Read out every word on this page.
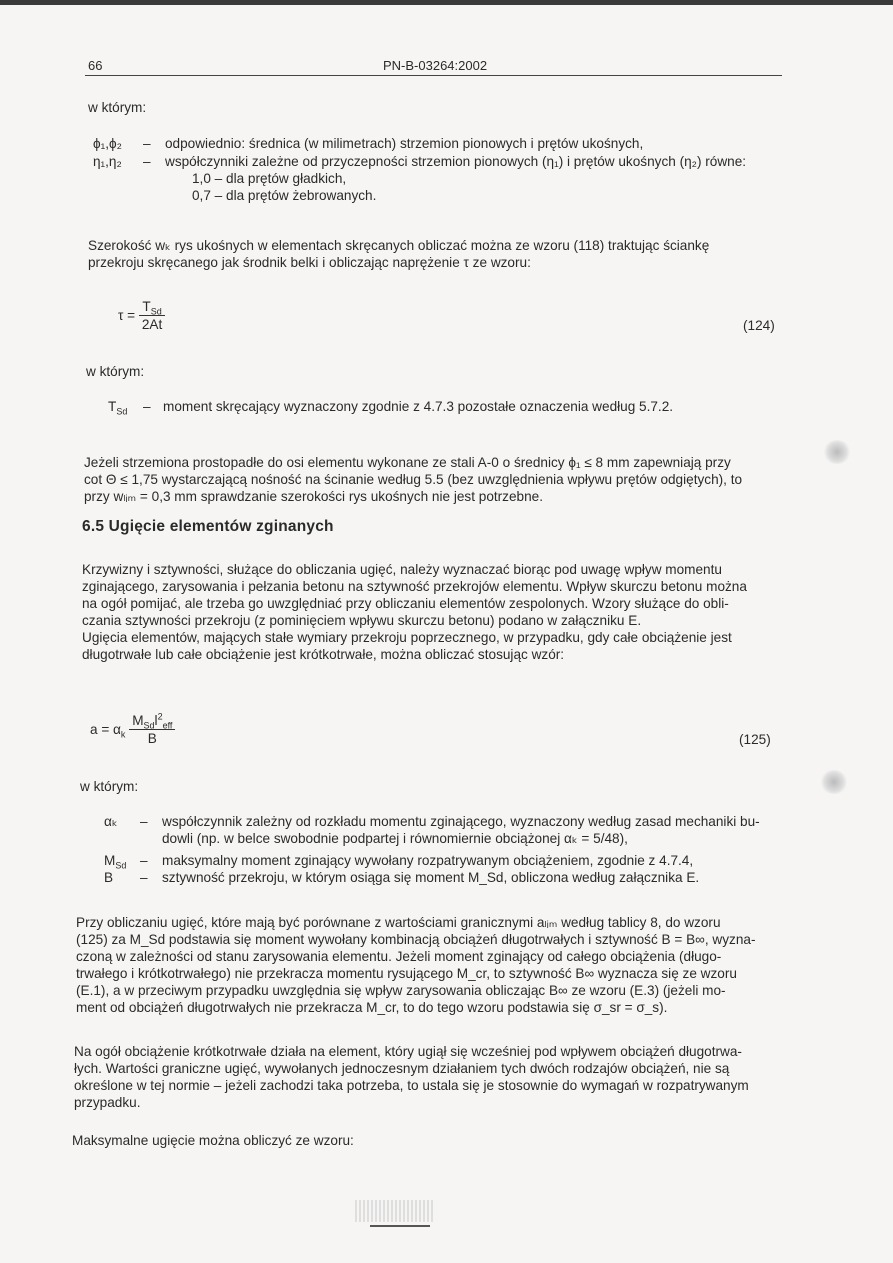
66	PN-B-03264:2002
w którym:
ϕ₁,ϕ₂ – odpowiednio: średnica (w milimetrach) strzemion pionowych i prętów ukośnych,
η₁,η₂ – współczynniki zależne od przyczepności strzemion pionowych (η₁) i prętów ukośnych (η₂) równe:
1,0 – dla prętów gładkich,
0,7 – dla prętów żebrowanych.
Szerokość wₖ rys ukośnych w elementach skręcanych obliczać można ze wzoru (118) traktując ściankę
przekroju skręcanego jak środnik belki i obliczając naprężenie τ ze wzoru:
$\tau = \frac{T_{Sd}}{2At}$	(124)
w którym:
$T_{Sd}$ – moment skręcający wyznaczony zgodnie z 4.7.3 pozostałe oznaczenia według 5.7.2.
Jeżeli strzemiona prostopadłe do osi elementu wykonane ze stali A-0 o średnicy ϕ₁ ≤ 8 mm zapewniają przy
cot Θ ≤ 1,75 wystarczającą nośność na ścinanie według 5.5 (bez uwzględnienia wpływu prętów odgiętych), to
przy wₗᵢₘ = 0,3 mm sprawdzanie szerokości rys ukośnych nie jest potrzebne.
6.5 Ugięcie elementów zginanych
Krzywizny i sztywności, służące do obliczania ugięć, należy wyznaczać biorąc pod uwagę wpływ momentu
zginającego, zarysowania i pełzania betonu na sztywność przekrojów elementu. Wpływ skurczu betonu można
na ogół pomijać, ale trzeba go uwzględniać przy obliczaniu elementów zespolonych. Wzory służące do obli-
czania sztywności przekroju (z pominięciem wpływu skurczu betonu) podano w załączniku E.
Ugięcia elementów, mających stałe wymiary przekroju poprzecznego, w przypadku, gdy całe obciążenie jest
długotrwałe lub całe obciążenie jest krótkotrwałe, można obliczać stosując wzór:
$a = \alpha_k \frac{M_{Sd}l^2_{eff}}{B}$	(125)
w którym:
αₖ – współczynnik zależny od rozkładu momentu zginającego, wyznaczony według zasad mechaniki bu-
dowli (np. w belce swobodnie podpartej i równomiernie obciążonej αₖ = 5/48),
$M_{Sd}$ – maksymalny moment zginający wywołany rozpatrywanym obciążeniem, zgodnie z 4.7.4,
B – sztywność przekroju, w którym osiąga się moment M_Sd, obliczona według załącznika E.
Przy obliczaniu ugięć, które mają być porównane z wartościami granicznymi aₗᵢₘ według tablicy 8, do wzoru
(125) za M_Sd podstawia się moment wywołany kombinacją obciążeń długotrwałych i sztywność B = B∞, wyzna-
czoną w zależności od stanu zarysowania elementu. Jeżeli moment zginający od całego obciążenia (długo-
trwałego i krótkotrwałego) nie przekracza momentu rysującego M_cr, to sztywność B∞ wyznacza się ze wzoru
(E.1), a w przeciwym przypadku uwzględnia się wpływ zarysowania obliczając B∞ ze wzoru (E.3) (jeżeli mo-
ment od obciążeń długotrwałych nie przekracza M_cr, to do tego wzoru podstawia się σ_sr = σ_s).
Na ogół obciążenie krótkotrwałe działa na element, który ugiął się wcześniej pod wpływem obciążeń długotrwa-
łych. Wartości graniczne ugięć, wywołanych jednoczesnym działaniem tych dwóch rodzajów obciążeń, nie są
określone w tej normie – jeżeli zachodzi taka potrzeba, to ustala się je stosownie do wymagań w rozpatrywanym
przypadku.
Maksymalne ugięcie można obliczyć ze wzoru:
